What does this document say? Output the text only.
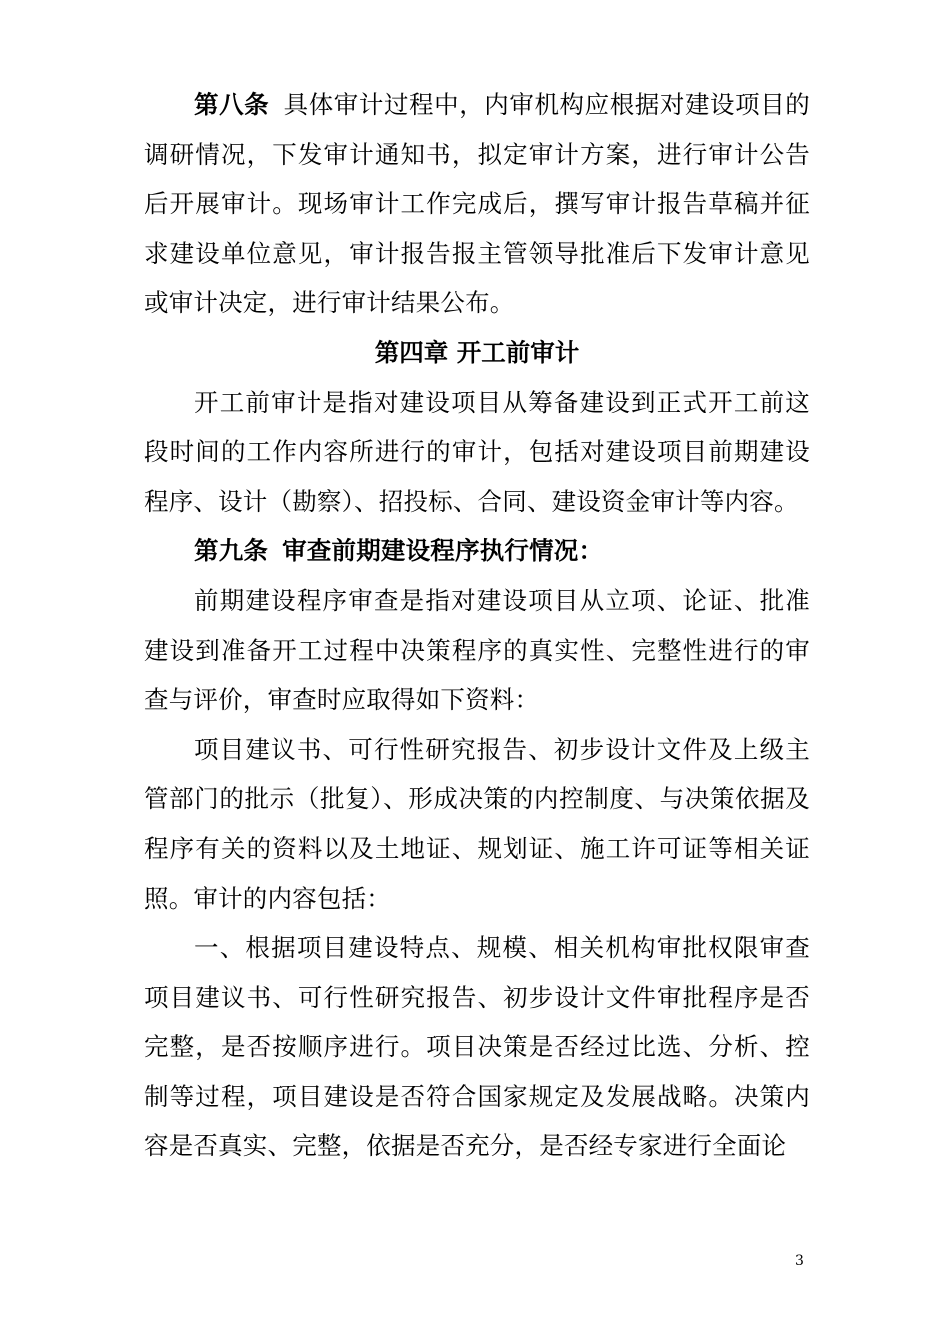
第八条 具体审计过程中，内审机构应根据对建设项目的调研情况，下发审计通知书，拟定审计方案，进行审计公告后开展审计。现场审计工作完成后，撰写审计报告草稿并征求建设单位意见，审计报告报主管领导批准后下发审计意见或审计决定，进行审计结果公布。

第四章 开工前审计

开工前审计是指对建设项目从筹备建设到正式开工前这段时间的工作内容所进行的审计，包括对建设项目前期建设程序、设计（勘察）、招投标、合同、建设资金审计等内容。

第九条 审查前期建设程序执行情况：

前期建设程序审查是指对建设项目从立项、论证、批准建设到准备开工过程中决策程序的真实性、完整性进行的审查与评价，审查时应取得如下资料：

项目建议书、可行性研究报告、初步设计文件及上级主管部门的批示（批复）、形成决策的内控制度、与决策依据及程序有关的资料以及土地证、规划证、施工许可证等相关证照。审计的内容包括：

一、根据项目建设特点、规模、相关机构审批权限审查项目建议书、可行性研究报告、初步设计文件审批程序是否完整，是否按顺序进行。项目决策是否经过比选、分析、控制等过程，项目建设是否符合国家规定及发展战略。决策内容是否真实、完整，依据是否充分，是否经专家进行全面论

3
